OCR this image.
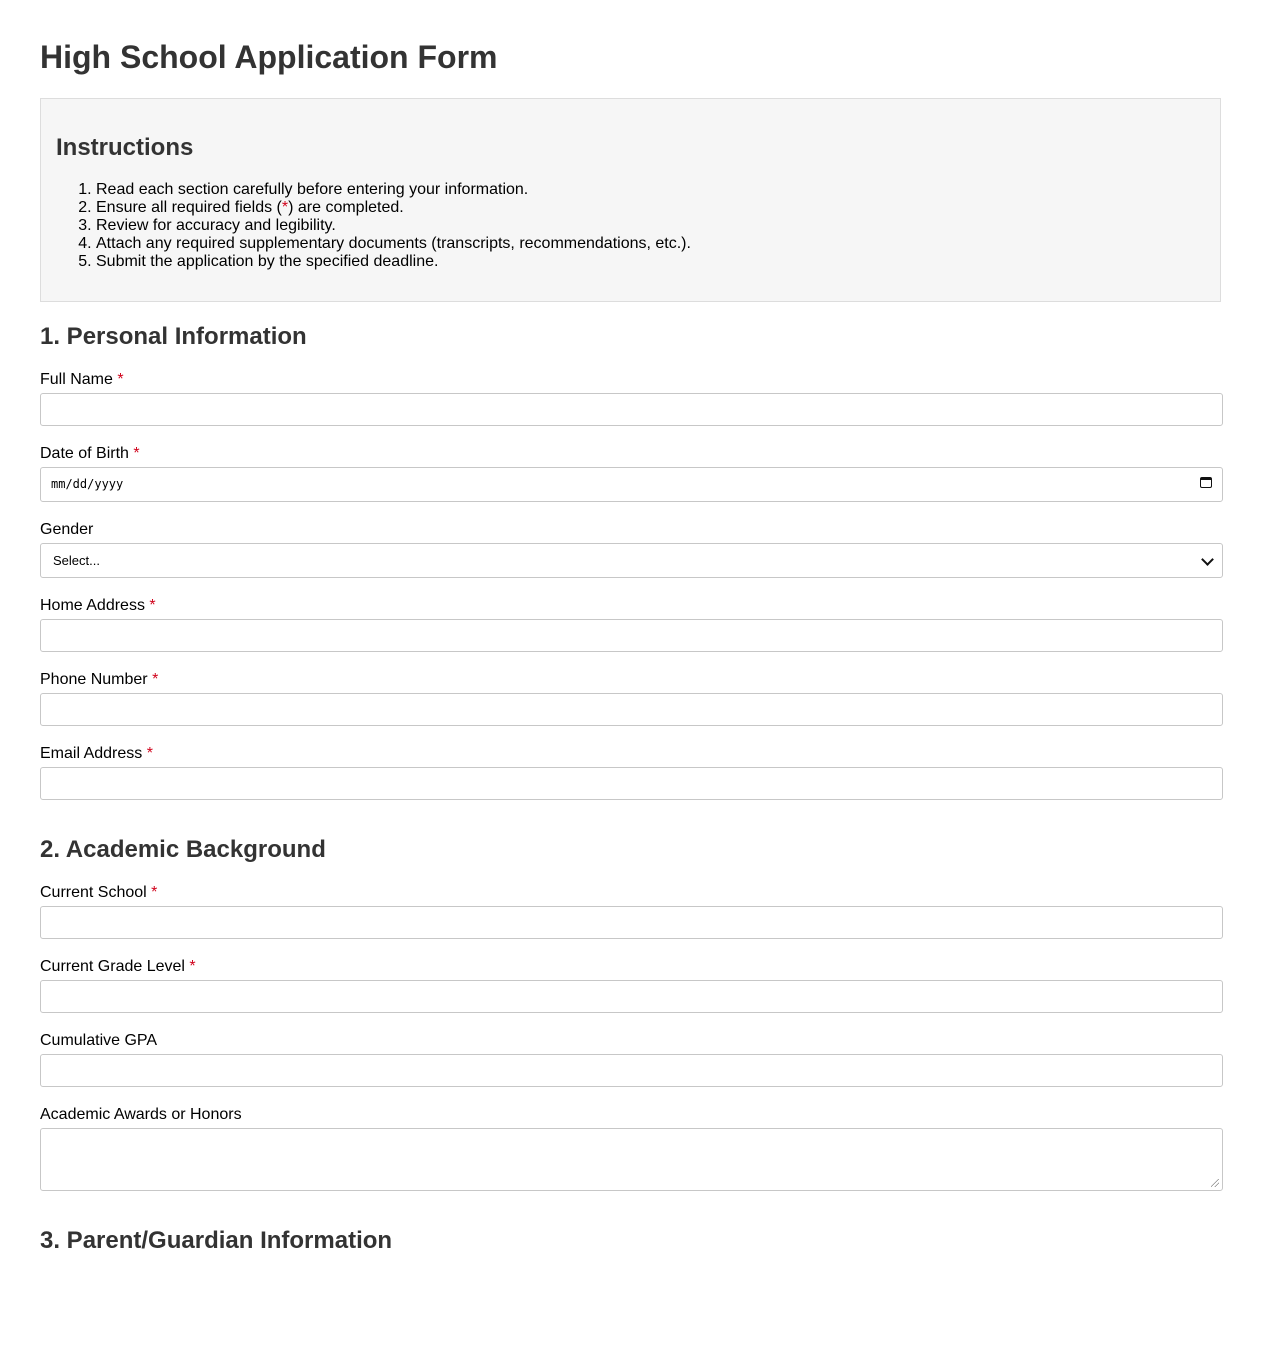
High School Application Form
Instructions
1. Read each section carefully before entering your information.
2. Ensure all required fields (*) are completed.
3. Review for accuracy and legibility.
4. Attach any required supplementary documents (transcripts, recommendations, etc.).
5. Submit the application by the specified deadline.
1. Personal Information
Full Name *
Date of Birth *
mm/dd/yyyy
Gender
Select...
Home Address *
Phone Number *
Email Address *
2. Academic Background
Current School *
Current Grade Level *
Cumulative GPA
Academic Awards or Honors
3. Parent/Guardian Information
